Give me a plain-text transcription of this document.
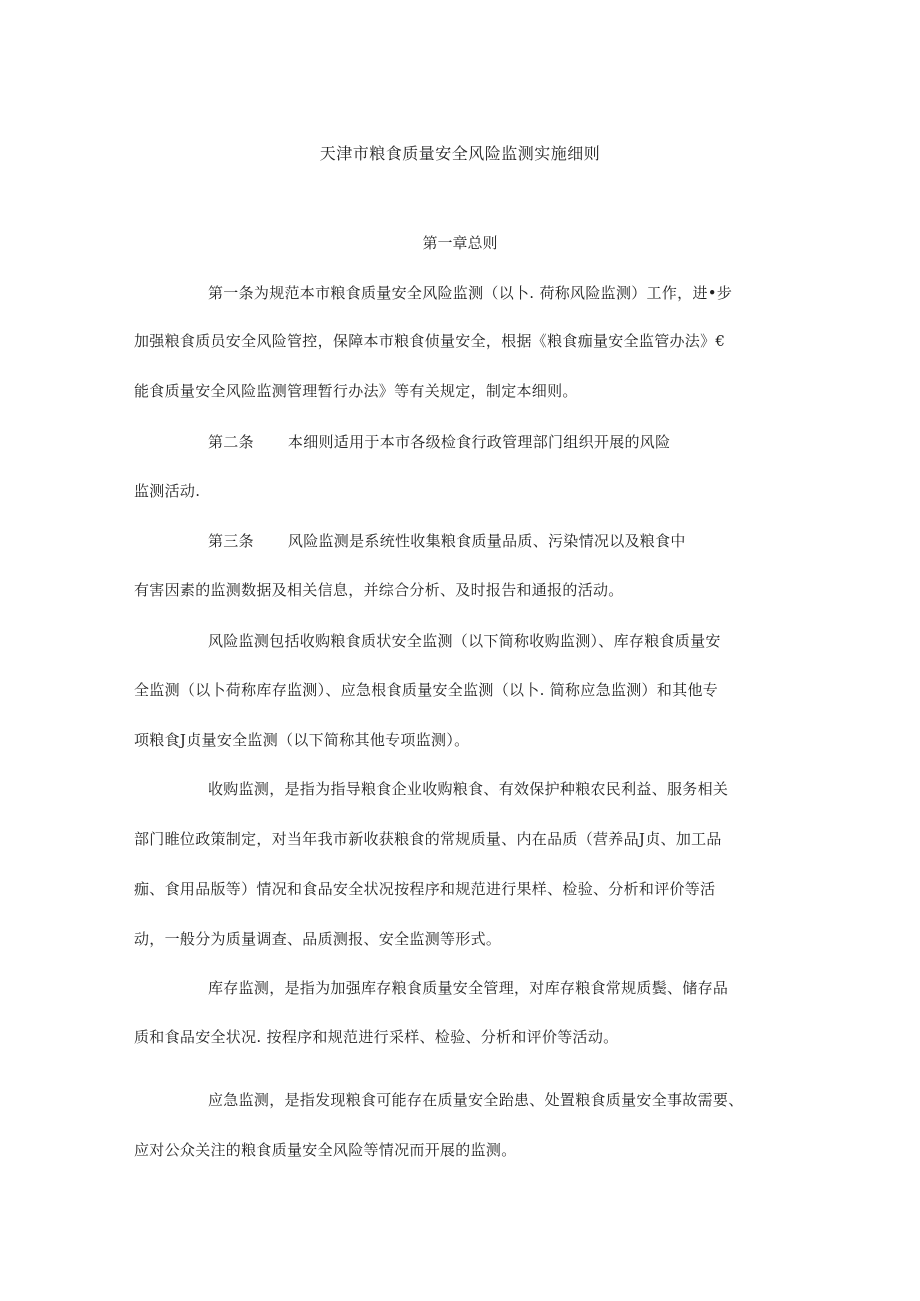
天津市粮食质量安全风险监测实施细则
第一章总则
第一条为规范本市粮食质量安全风险监测（以卜. 荷称风险监测）工作，进•步
加强粮食质员安全风险管控，保障本市粮食侦量安全，根据《粮食痂量安全监管办法》€
能食质量安全风险监测管理暂行办法》等有关规定，制定本细则。
第二条 本细则适用于本市各级检食行政管理部门组织开展的风险
监测活动.
第三条 风险监测是系统性收集粮食质量品质、污染情况以及粮食中
有害因素的监测数据及相关信息，并综合分析、及时报告和通报的活动。
风险监测包括收购粮食质状安全监测（以下简称收购监测）、库存粮食质量安
全监测（以卜荷称库存监测）、应急根食质量安全监测（以卜. 简称应急监测）和其他专
项粮食J贞量安全监测（以下简称其他专项监测）。
收购监测，是指为指导粮食企业收购粮食、有效保护种粮农民利益、服务相关
部门睢位政策制定，对当年我市新收获粮食的常规质量、内在品质（营养品J贞、加工品
痂、食用品版等）情况和食品安全状况按程序和规范进行果样、检验、分析和评价等活
动，一般分为质量调查、品质测报、安全监测等形式。
库存监测，是指为加强库存粮食质量安全管理，对库存粮食常规质鬓、储存品
质和食品安全状况. 按程序和规范进行采样、检验、分析和评价等活动。
应急监测，是指发现粮食可能存在质量安全跆患、处置粮食质量安全事故需要、
应对公众关注的粮食质量安全风险等情况而开展的监测。
